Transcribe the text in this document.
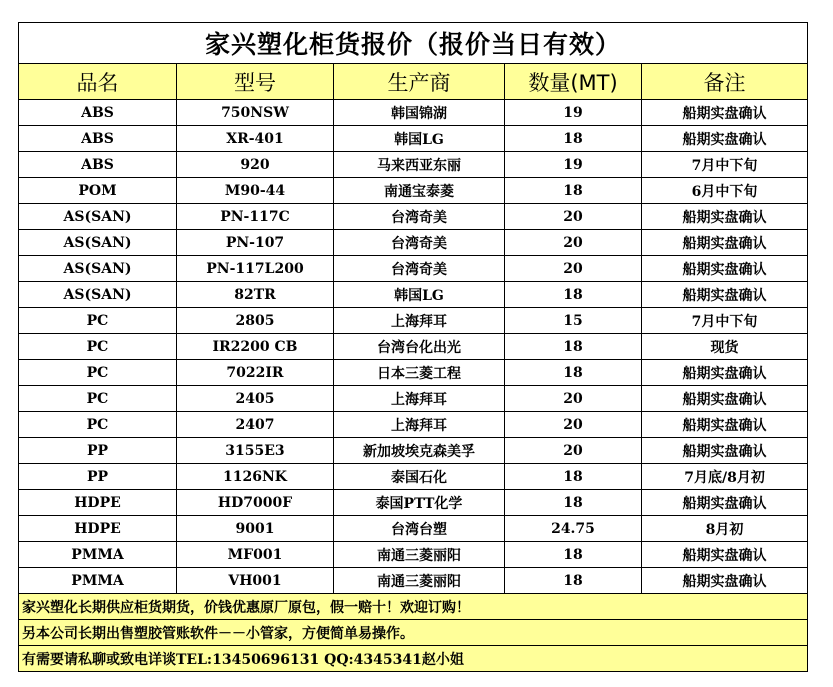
家兴塑化柜货报价（报价当日有效）				
品名	型号	生产商	数量(MT)	备注
ABS	750NSW	韩国锦湖	19	船期实盘确认
ABS	XR-401	韩国LG	18	船期实盘确认
ABS	920	马来西亚东丽	19	7月中下旬
POM	M90-44	南通宝泰菱	18	6月中下旬
AS(SAN)	PN-117C	台湾奇美	20	船期实盘确认
AS(SAN)	PN-107	台湾奇美	20	船期实盘确认
AS(SAN)	PN-117L200	台湾奇美	20	船期实盘确认
AS(SAN)	82TR	韩国LG	18	船期实盘确认
PC	2805	上海拜耳	15	7月中下旬
PC	IR2200 CB	台湾台化出光	18	现货
PC	7022IR	日本三菱工程	18	船期实盘确认
PC	2405	上海拜耳	20	船期实盘确认
PC	2407	上海拜耳	20	船期实盘确认
PP	3155E3	新加坡埃克森美孚	20	船期实盘确认
PP	1126NK	泰国石化	18	7月底/8月初
HDPE	HD7000F	泰国PTT化学	18	船期实盘确认
HDPE	9001	台湾台塑	24.75	8月初
PMMA	MF001	南通三菱丽阳	18	船期实盘确认
PMMA	VH001	南通三菱丽阳	18	船期实盘确认
家兴塑化长期供应柜货期货，价钱优惠原厂原包，假一赔十！欢迎订购！				
另本公司长期出售塑胶管账软件－－小管家，方便简单易操作。				
有需要请私聊或致电详谈TEL:13450696131 QQ:4345341赵小姐				
